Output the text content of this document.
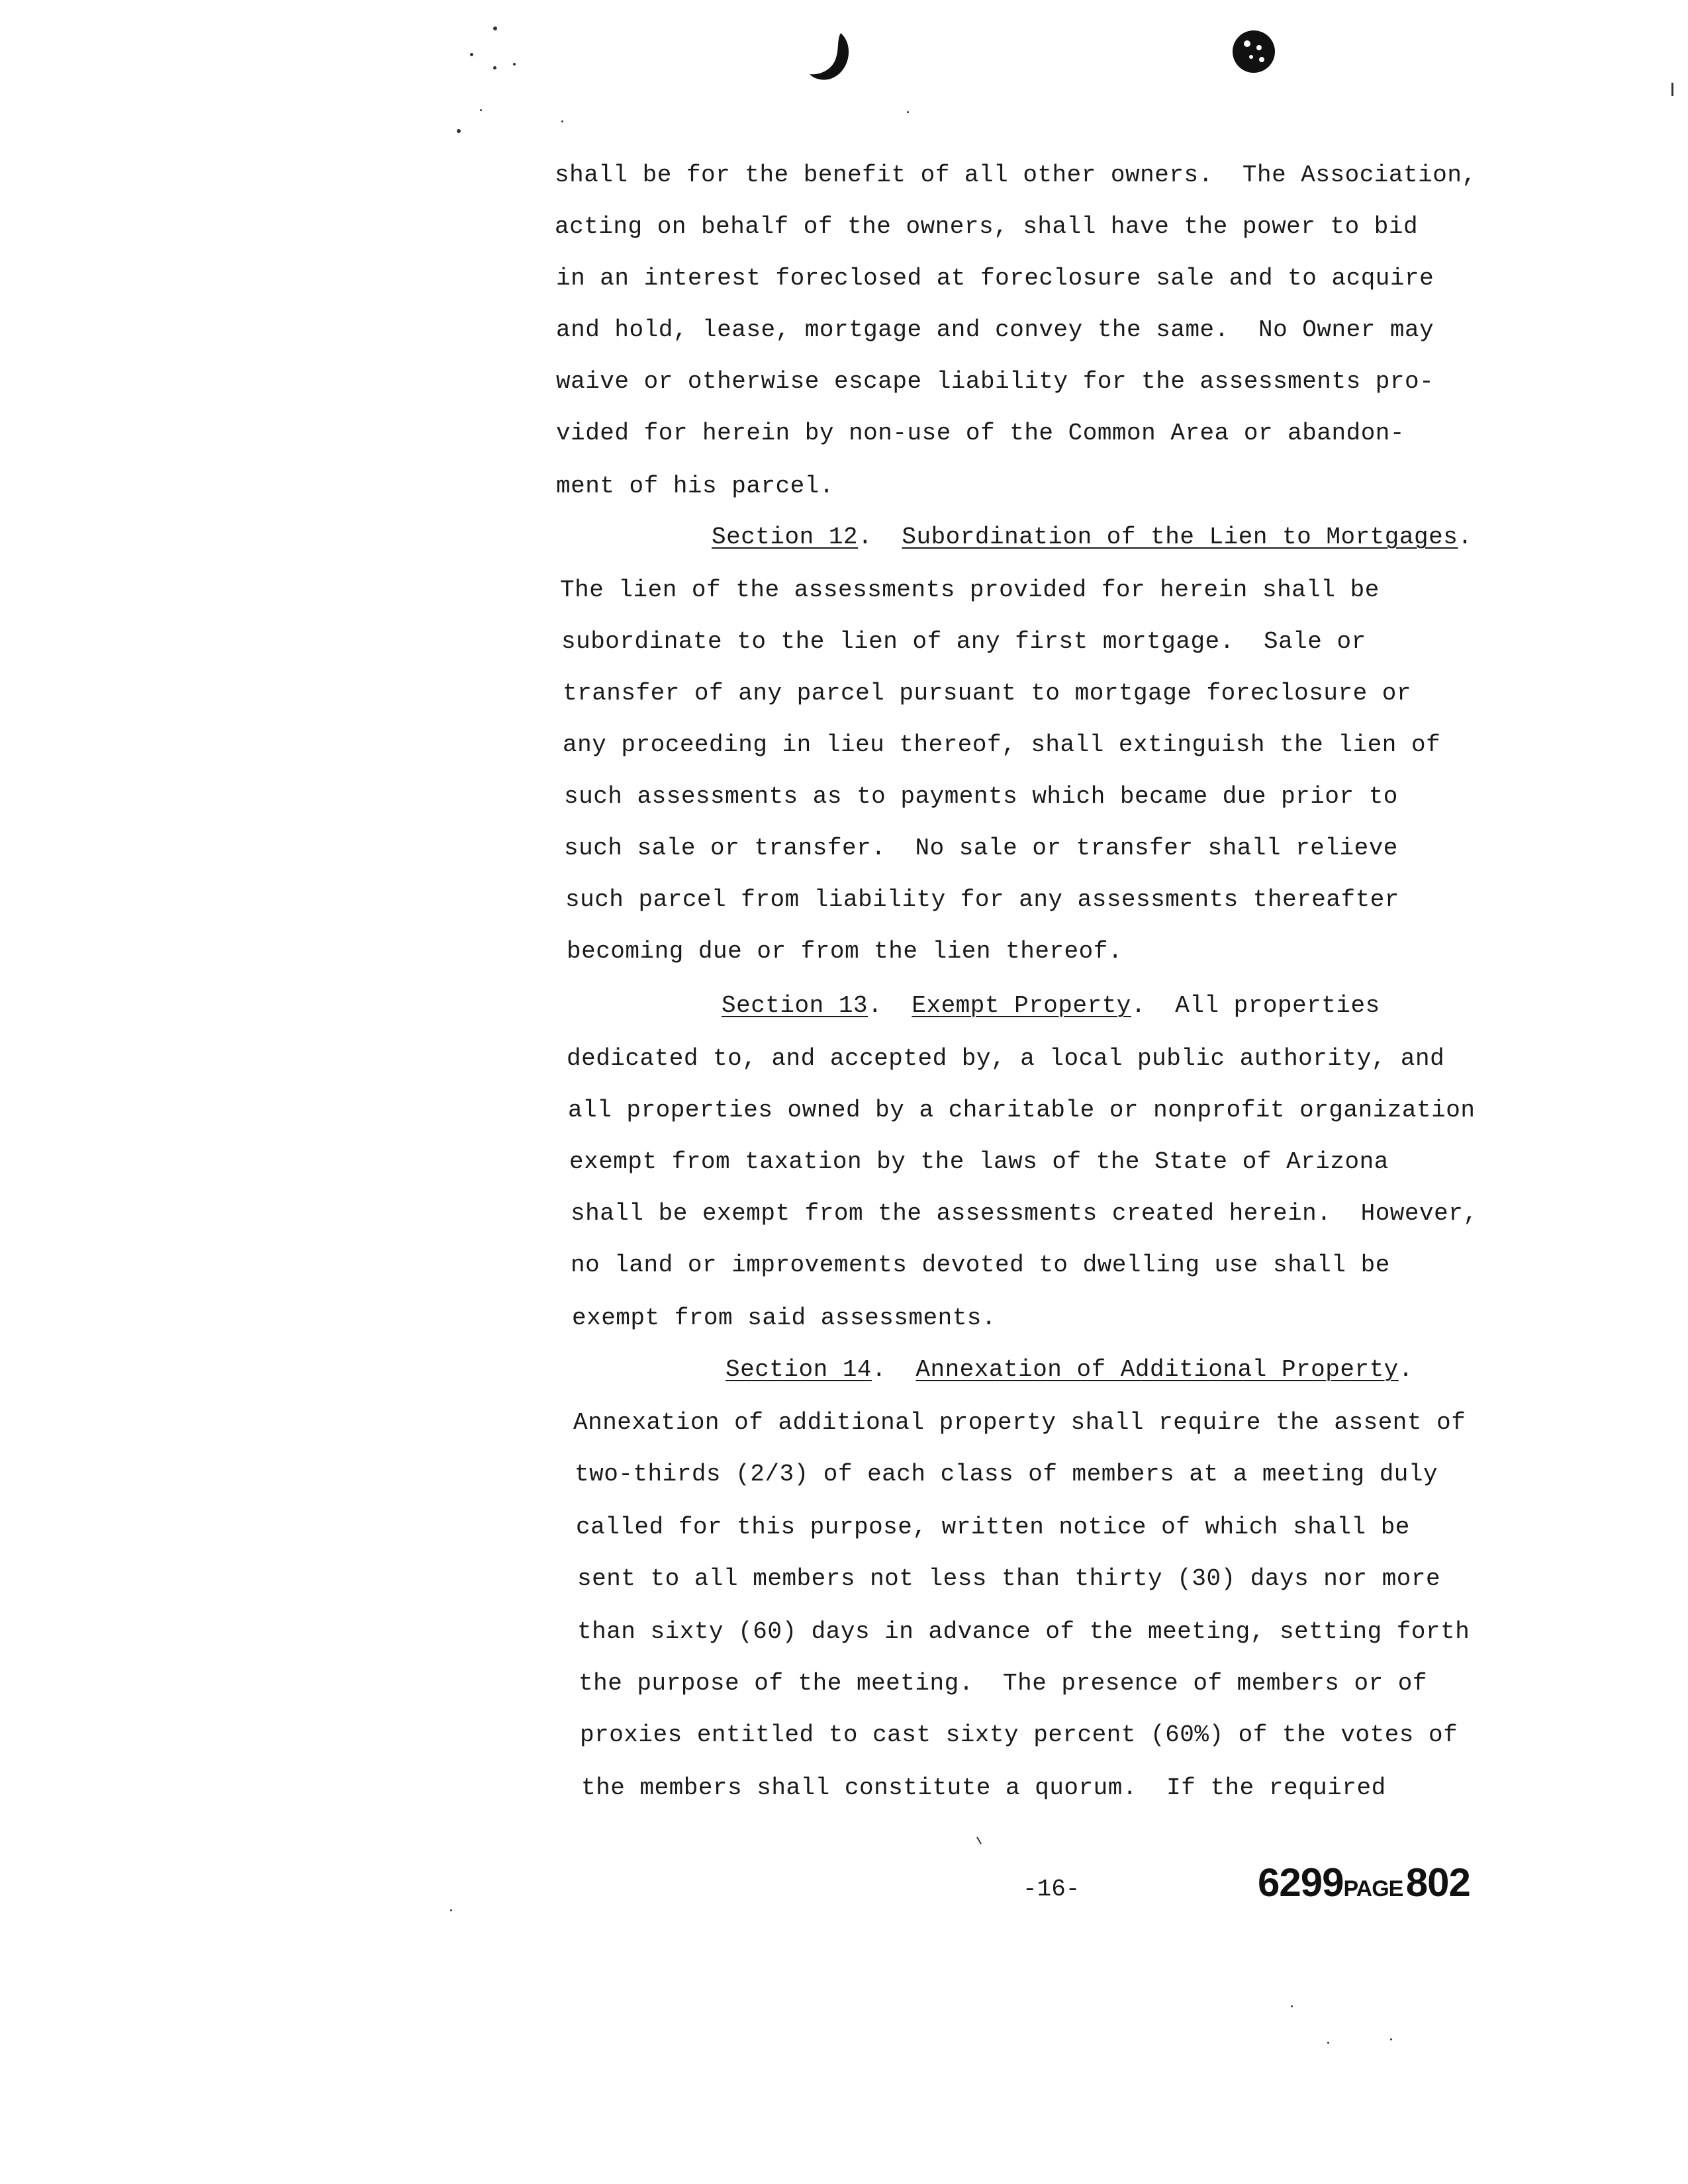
shall be for the benefit of all other owners.  The Association,
acting on behalf of the owners, shall have the power to bid
in an interest foreclosed at foreclosure sale and to acquire
and hold, lease, mortgage and convey the same.  No Owner may
waive or otherwise escape liability for the assessments pro-
vided for herein by non-use of the Common Area or abandon-
ment of his parcel.
Section 12.  Subordination of the Lien to Mortgages.
The lien of the assessments provided for herein shall be
subordinate to the lien of any first mortgage.  Sale or
transfer of any parcel pursuant to mortgage foreclosure or
any proceeding in lieu thereof, shall extinguish the lien of
such assessments as to payments which became due prior to
such sale or transfer.  No sale or transfer shall relieve
such parcel from liability for any assessments thereafter
becoming due or from the lien thereof.
Section 13.  Exempt Property.  All properties
dedicated to, and accepted by, a local public authority, and
all properties owned by a charitable or nonprofit organization
exempt from taxation by the laws of the State of Arizona
shall be exempt from the assessments created herein.  However,
no land or improvements devoted to dwelling use shall be
exempt from said assessments.
Section 14.  Annexation of Additional Property.
Annexation of additional property shall require the assent of
two-thirds (2/3) of each class of members at a meeting duly
called for this purpose, written notice of which shall be
sent to all members not less than thirty (30) days nor more
than sixty (60) days in advance of the meeting, setting forth
the purpose of the meeting.  The presence of members or of
proxies entitled to cast sixty percent (60%) of the votes of
the members shall constitute a quorum.  If the required
-16-	6299PAGE 802
